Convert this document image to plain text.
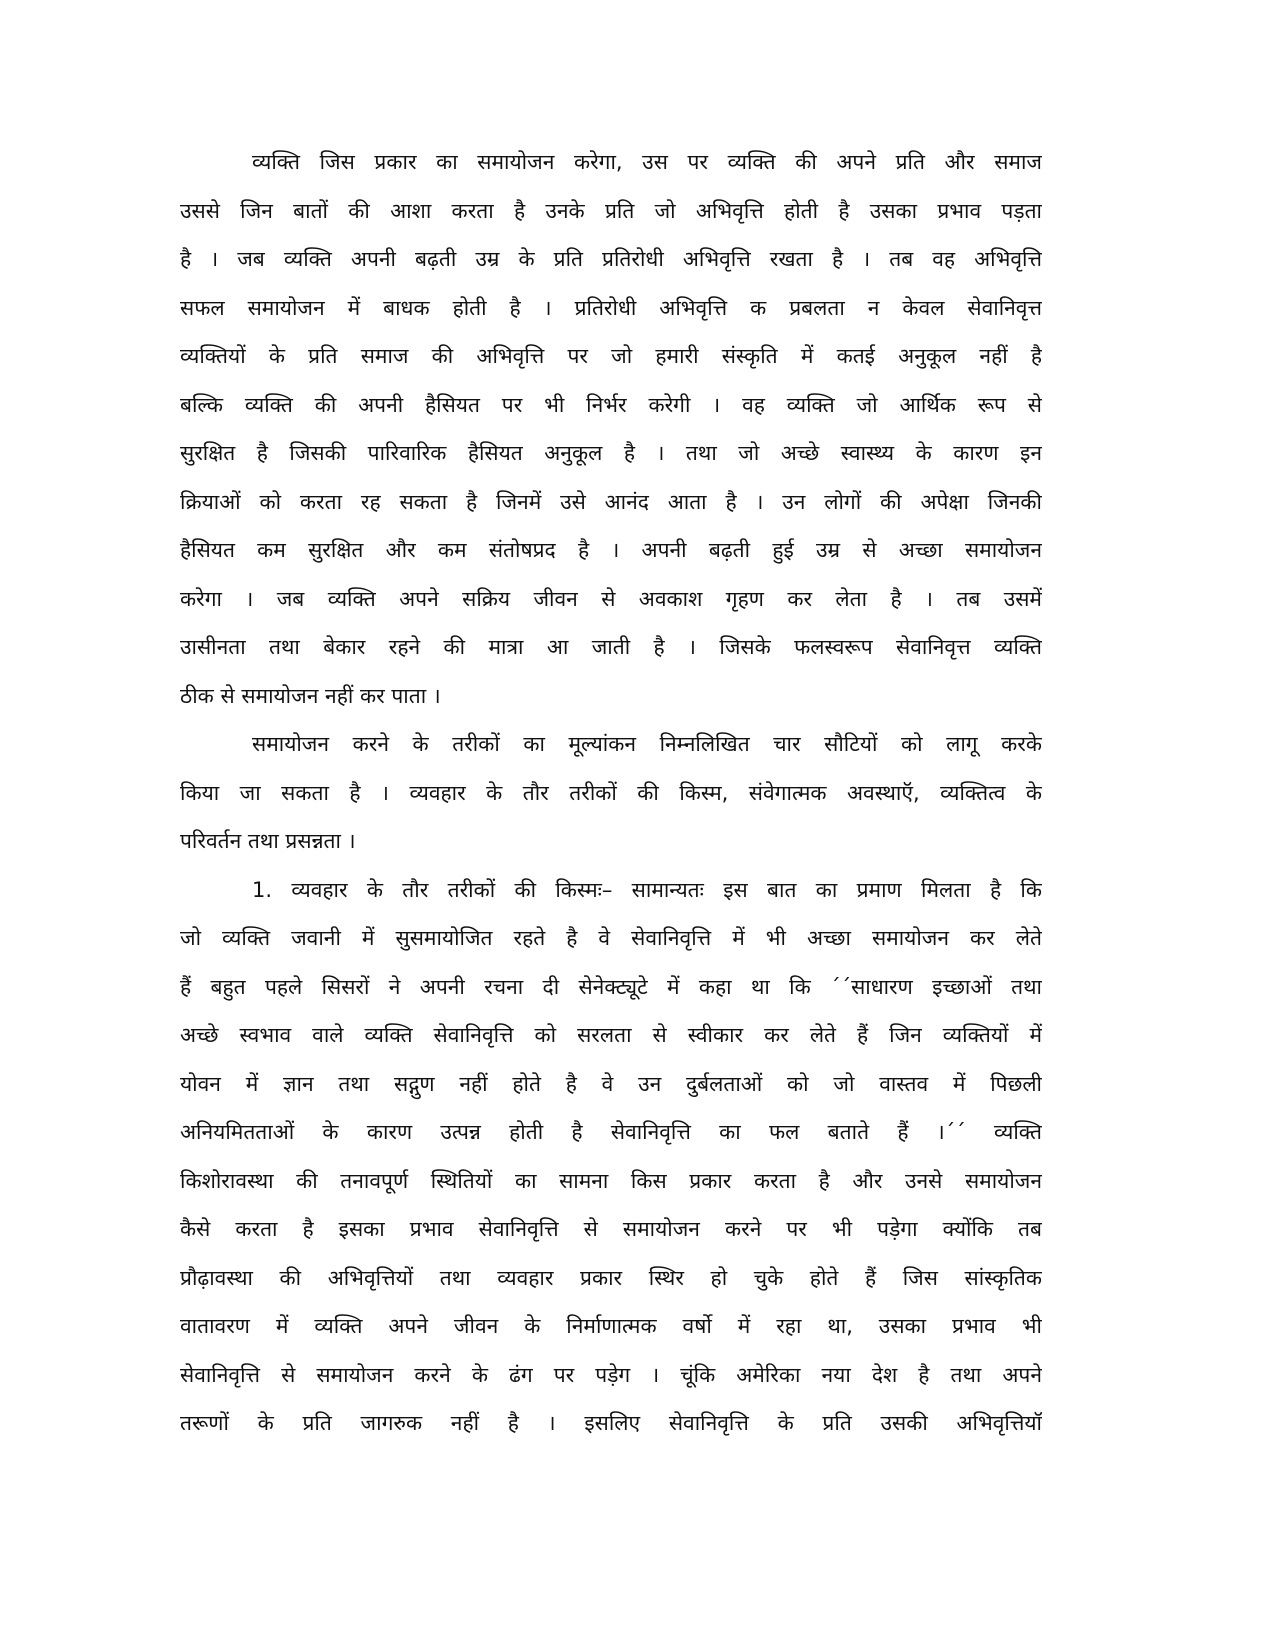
व्यक्ति जिस प्रकार का समायोजन करेगा, उस पर व्यक्ति की अपने प्रति और समाज
उससे जिन बातों की आशा करता है उनके प्रति जो अभिवृत्ति होती है उसका प्रभाव पड़ता
है । जब व्यक्ति अपनी बढ़ती उम्र के प्रति प्रतिरोधी अभिवृत्ति रखता है । तब वह अभिवृत्ति
सफल समायोजन में बाधक होती है । प्रतिरोधी अभिवृत्ति क प्रबलता न केवल सेवानिवृत्त
व्यक्तियों के प्रति समाज की अभिवृत्ति पर जो हमारी संस्कृति में कतई अनुकूल नहीं है
बल्कि व्यक्ति की अपनी हैसियत पर भी निर्भर करेगी । वह व्यक्ति जो आर्थिक रूप से
सुरक्षित है जिसकी पारिवारिक हैसियत अनुकूल है । तथा जो अच्छे स्वास्थ्य के कारण इन
क्रियाओं को करता रह सकता है जिनमें उसे आनंद आता है । उन लोगों की अपेक्षा जिनकी
हैसियत कम सुरक्षित और कम संतोषप्रद है । अपनी बढ़ती हुई उम्र से अच्छा समायोजन
करेगा । जब व्यक्ति अपने सक्रिय जीवन से अवकाश गृहण कर लेता है । तब उसमें
उासीनता तथा बेकार रहने की मात्रा आ जाती है । जिसके फलस्वरूप सेवानिवृत्त व्यक्ति
ठीक से समायोजन नहीं कर पाता ।
समायोजन करने के तरीकों का मूल्यांकन निम्नलिखित चार सौटियों को लागू करके
किया जा सकता है । व्यवहार के तौर तरीकों की किस्म, संवेगात्मक अवस्थाऍ, व्यक्तित्व के
परिवर्तन तथा प्रसन्नता ।
1. व्यवहार के तौर तरीकों की किस्मः– सामान्यतः इस बात का प्रमाण मिलता है कि
जो व्यक्ति जवानी में सुसमायोजित रहते है वे सेवानिवृत्ति में भी अच्छा समायोजन कर लेते
हैं बहुत पहले सिसरों ने अपनी रचना दी सेनेक्ट्यूटे में कहा था कि ´´साधारण इच्छाओं तथा
अच्छे स्वभाव वाले व्यक्ति सेवानिवृत्ति को सरलता से स्वीकार कर लेते हैं जिन व्यक्तियों में
योवन में ज्ञान तथा सद्गुण नहीं होते है वे उन दुर्बलताओं को जो वास्तव में पिछली
अनियमितताओं के कारण उत्पन्न होती है सेवानिवृत्ति का फल बताते हैं ।´´ व्यक्ति
किशोरावस्था की तनावपूर्ण स्थितियों का सामना किस प्रकार करता है और उनसे समायोजन
कैसे करता है इसका प्रभाव सेवानिवृत्ति से समायोजन करने पर भी पड़ेगा क्योंकि तब
प्रौढ़ावस्था की अभिवृत्तियों तथा व्यवहार प्रकार स्थिर हो चुके होते हैं जिस सांस्कृतिक
वातावरण में व्यक्ति अपने जीवन के निर्माणात्मक वर्षो में रहा था, उसका प्रभाव भी
सेवानिवृत्ति से समायोजन करने के ढंग पर पड़ेग । चूंकि अमेरिका नया देश है तथा अपने
तरूणों के प्रति जागरुक नहीं है । इसलिए सेवानिवृत्ति के प्रति उसकी अभिवृत्तियॉ
